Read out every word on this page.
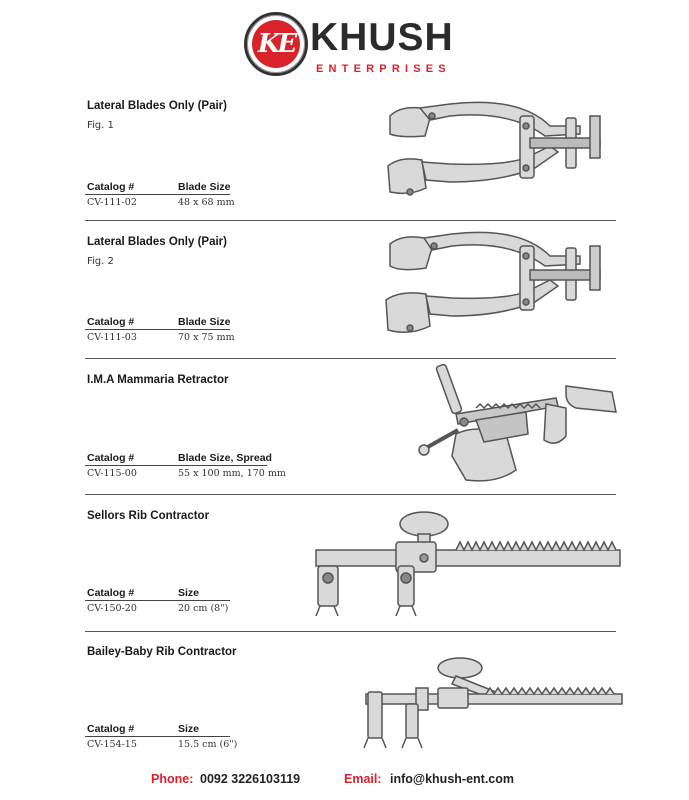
KE KHUSH
ENTERPRISES
Lateral Blades Only (Pair)
Fig. 1
Catalog #	Blade Size
CV-111-02	48 x 68 mm
Lateral Blades Only (Pair)
Fig. 2
Catalog #	Blade Size
CV-111-03	70 x 75 mm
I.M.A Mammaria Retractor
Catalog #	Blade Size, Spread
CV-115-00	55 x 100 mm, 170 mm
Sellors Rib Contractor
Catalog #	Size
CV-150-20	20 cm (8")
Bailey-Baby Rib Contractor
Catalog #	Size
CV-154-15	15.5 cm (6")
Phone: 0092 3226103119	Email: info@khush-ent.com
